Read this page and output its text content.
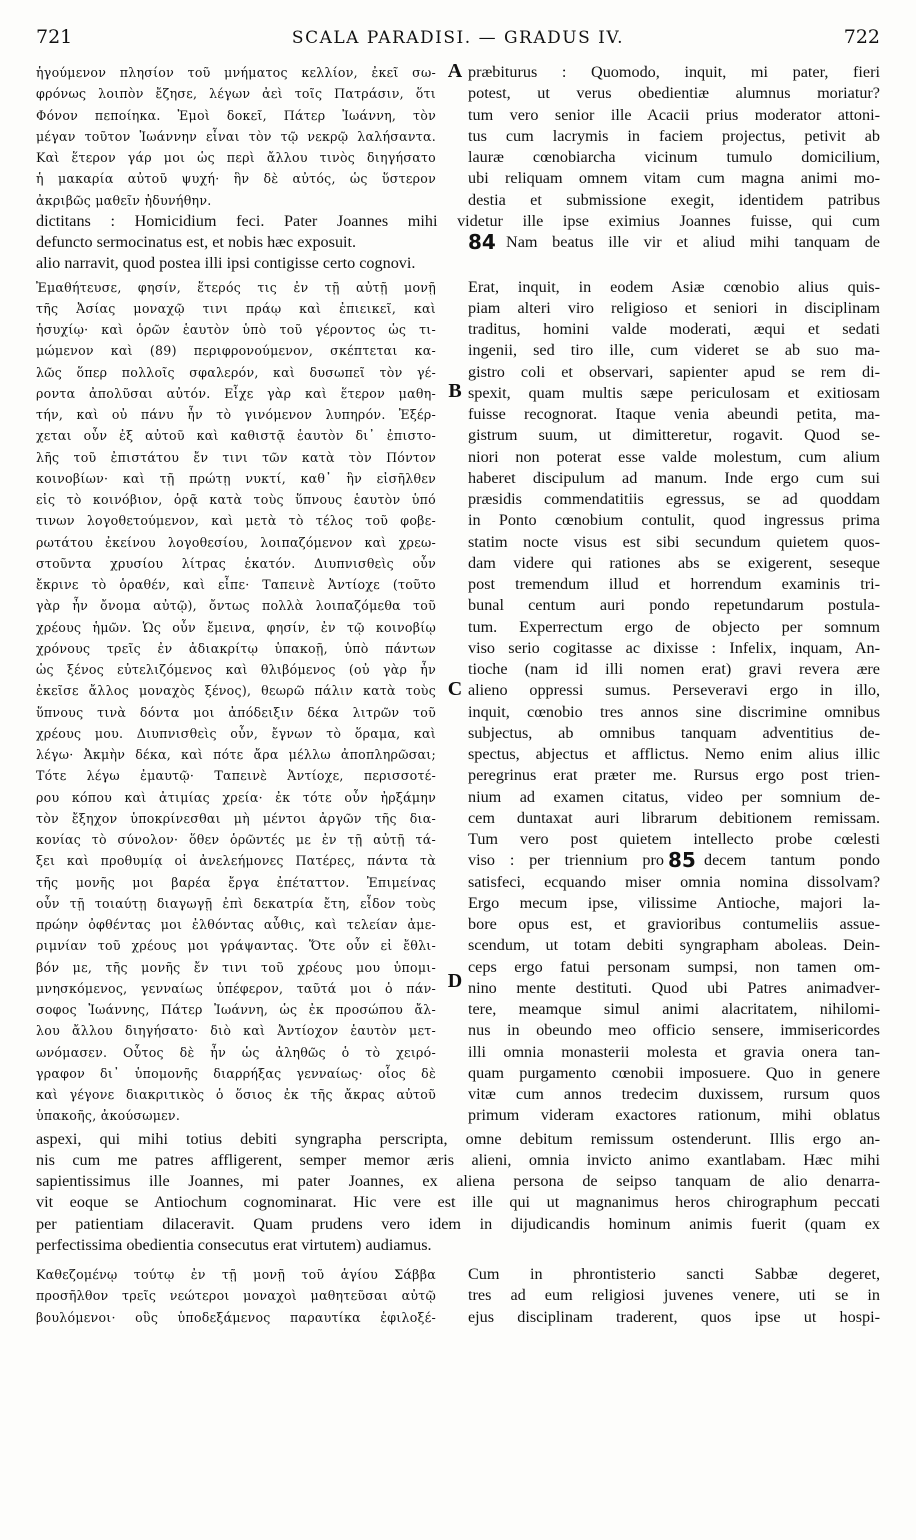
721	SCALA PARADISI. — GRADUS IV.	722
ἡγούμενον πλησίον τοῦ μνήματος κελλίον, ἐκεῖ σω-
φρόνως λοιπὸν ἔζησε, λέγων ἀεὶ τοῖς Πατράσιν, ὅτι
Φόνον πεποίηκα. Ἐμοὶ δοκεῖ, Πάτερ Ἰωάννη, τὸν
μέγαν τοῦτον Ἰωάννην εἶναι τὸν τῷ νεκρῷ λαλήσαντα.
Καὶ ἕτερον γάρ μοι ὡς περὶ ἄλλου τινὸς διηγήσατο
ἡ μακαρία αὐτοῦ ψυχή· ἣν δὲ αὐτός, ὡς ὕστερον
ἀκριβῶς μαθεῖν ἠδυνήθην.
præbiturus : Quomodo, inquit, mi pater, fieri
potest, ut verus obedientiæ alumnus moriatur?
tum vero senior ille Acacii prius moderator attoni-
tus cum lacrymis in faciem projectus, petivit ab
lauræ cœnobiarcha vicinum tumulo domicilium,
ubi reliquam omnem vitam cum magna animi mo-
destia et submissione exegit, identidem patribus
dictitans : Homicidium feci. Pater Joannes mihi videtur ille ipse eximius Joannes fuisse, qui cum
defuncto sermocinatus est, et nobis hæc exposuit.	84 Nam beatus ille vir et aliud mihi tanquam de
alio narravit, quod postea illi ipsi contigisse certo cognovi.
Ἐμαθήτευσε, φησίν, ἕτερός τις ἐν τῇ αὐτῇ μονῇ
τῆς Ἀσίας μοναχῷ τινι πράῳ καὶ ἐπιεικεῖ, καὶ
ἡσυχίῳ· καὶ ὁρῶν ἑαυτὸν ὑπὸ τοῦ γέροντος ὡς τι-
μώμενον καὶ (89) περιφρονούμενον, σκέπτεται κα-
λῶς ὅπερ πολλοῖς σφαλερόν, καὶ δυσωπεῖ τὸν γέ-
ροντα ἀπολῦσαι αὐτόν. Εἶχε γὰρ καὶ ἕτερον μαθη-
τήν, καὶ οὐ πάνυ ἦν τὸ γινόμενον λυπηρόν. Ἐξέρ-
χεται οὖν ἐξ αὐτοῦ καὶ καθιστᾷ ἑαυτὸν δι᾽ ἐπιστο-
λῆς τοῦ ἐπιστάτου ἔν τινι τῶν κατὰ τὸν Πόντον
κοινοβίων· καὶ τῇ πρώτῃ νυκτί, καθ᾽ ἣν εἰσῆλθεν
εἰς τὸ κοινόβιον, ὁρᾷ κατὰ τοὺς ὕπνους ἑαυτὸν ὑπό
τινων λογοθετούμενον, καὶ μετὰ τὸ τέλος τοῦ φοβε-
ρωτάτου ἐκείνου λογοθεσίου, λοιπαζόμενον καὶ χρεω-
στοῦντα χρυσίου λίτρας ἑκατόν. Διυπνισθεὶς οὖν
ἔκρινε τὸ ὁραθέν, καὶ εἶπε· Ταπεινὲ Ἀντίοχε (τοῦτο
γὰρ ἦν ὄνομα αὐτῷ), ὄντως πολλὰ λοιπαζόμεθα τοῦ
χρέους ἡμῶν. Ὡς οὖν ἔμεινα, φησίν, ἐν τῷ κοινοβίῳ
χρόνους τρεῖς ἐν ἀδιακρίτῳ ὑπακοῇ, ὑπὸ πάντων
ὡς ξένος εὐτελιζόμενος καὶ θλιβόμενος (οὐ γὰρ ἦν
ἐκεῖσε ἄλλος μοναχὸς ξένος), θεωρῶ πάλιν κατὰ τοὺς
ὕπνους τινὰ δόντα μοι ἀπόδειξιν δέκα λιτρῶν τοῦ
χρέους μου. Διυπνισθεὶς οὖν, ἔγνων τὸ ὅραμα, καὶ
λέγω· Ἀκμὴν δέκα, καὶ πότε ἄρα μέλλω ἀποπληρῶσαι;
Τότε λέγω ἐμαυτῷ· Ταπεινὲ Ἀντίοχε, περισσοτέ-
ρου κόπου καὶ ἀτιμίας χρεία· ἐκ τότε οὖν ἠρξάμην
τὸν ἔξηχον ὑποκρίνεσθαι μὴ μέντοι ἀργῶν τῆς δια-
κονίας τὸ σύνολον· ὅθεν ὁρῶντές με ἐν τῇ αὐτῇ τά-
ξει καὶ προθυμίᾳ οἱ ἀνελεήμονες Πατέρες, πάντα τὰ
τῆς μονῆς μοι βαρέα ἔργα ἐπέταττον. Ἐπιμείνας
οὖν τῇ τοιαύτῃ διαγωγῇ ἐπὶ δεκατρία ἔτη, εἶδον τοὺς
πρώην ὀφθέντας μοι ἐλθόντας αὖθις, καὶ τελείαν ἀμε-
ριμνίαν τοῦ χρέους μοι γράψαντας. Ὅτε οὖν εἰ ἔθλι-
βόν με, τῆς μονῆς ἔν τινι τοῦ χρέους μου ὑπομι-
μνησκόμενος, γενναίως ὑπέφερον, ταῦτά μοι ὁ πάν-
σοφος Ἰωάννης, Πάτερ Ἰωάννη, ὡς ἐκ προσώπου ἄλ-
λου ἄλλου διηγήσατο· διὸ καὶ Ἀντίοχον ἑαυτὸν μετ-
ωνόμασεν. Οὗτος δὲ ἦν ὡς ἀληθῶς ὁ τὸ χειρό-
γραφον δι᾽ ὑπομονῆς διαρρήξας γενναίως· οἷος δὲ
καὶ γέγονε διακριτικὸς ὁ ὅσιος ἐκ τῆς ἄκρας αὐτοῦ
ὑπακοῆς, ἀκούσωμεν.
Erat, inquit, in eodem Asiæ cœnobio alius quis-
piam alteri viro religioso et seniori in disciplinam
traditus, homini valde moderati, æqui et sedati
ingenii, sed tiro ille, cum videret se ab suo ma-
gistro coli et observari, sapienter apud se rem di-
spexit, quam multis sæpe periculosam et exitiosam
fuisse recognorat. Itaque venia abeundi petita, ma-
gistrum suum, ut dimitteretur, rogavit. Quod se-
niori non poterat esse valde molestum, cum alium
haberet discipulum ad manum. Inde ergo cum sui
præsidis commendatitiis egressus, se ad quoddam
in Ponto cœnobium contulit, quod ingressus prima
statim nocte visus est sibi secundum quietem quos-
dam videre qui rationes abs se exigerent, seseque
post tremendum illud et horrendum examinis tri-
bunal centum auri pondo repetundarum postula-
tum. Experrectum ergo de objecto per somnum
viso serio cogitasse ac dixisse : Infelix, inquam, An-
tioche (nam id illi nomen erat) gravi revera ære
alieno oppressi sumus. Perseveravi ergo in illo,
inquit, cœnobio tres annos sine discrimine omnibus
subjectus, ab omnibus tanquam adventitius de-
spectus, abjectus et afflictus. Nemo enim alius illic
peregrinus erat præter me. Rursus ergo post trien-
nium ad examen citatus, video per somnium de-
cem duntaxat auri librarum debitionem remissam.
Tum vero post quietem intellecto probe cœlesti
viso : per triennium pro 85 decem tantum pondo
satisfeci, ecquando miser omnia nomina dissolvam?
Ergo mecum ipse, vilissime Antioche, majori la-
bore opus est, et gravioribus contumeliis assue-
scendum, ut totam debiti syngrapham aboleas. Dein-
ceps ergo fatui personam sumpsi, non tamen om-
nino mente destituti. Quod ubi Patres animadver-
tere, meamque simul animi alacritatem, nihilomi-
nus in obeundo meo officio sensere, immisericordes
illi omnia monasterii molesta et gravia onera tan-
quam purgamento cœnobii imposuere. Quo in genere
vitæ cum annos tredecim duxissem, rursum quos
primum videram exactores rationum, mihi oblatus
aspexi, qui mihi totius debiti syngrapha perscripta, omne debitum remissum ostenderunt. Illis ergo an-
nis cum me patres affligerent, semper memor æris alieni, omnia invicto animo exantlabam. Hæc mihi
sapientissimus ille Joannes, mi pater Joannes, ex aliena persona de seipso tanquam de alio denarra-
vit eoque se Antiochum cognominarat. Hic vere est ille qui ut magnanimus heros chirographum peccati
per patientiam dilaceravit. Quam prudens vero idem in dijudicandis hominum animis fuerit (quam ex
perfectissima obedientia consecutus erat virtutem) audiamus.
Καθεζομένῳ τούτῳ ἐν τῇ μονῇ τοῦ ἁγίου Σάββα
προσῆλθον τρεῖς νεώτεροι μοναχοὶ μαθητεῦσαι αὐτῷ
βουλόμενοι· οὓς ὑποδεξάμενος παραυτίκα ἐφιλοξέ-
Cum in phrontisterio sancti Sabbæ degeret,
tres ad eum religiosi juvenes venere, uti se in
ejus disciplinam traderent, quos ipse ut hospi-
A
B
C
D
